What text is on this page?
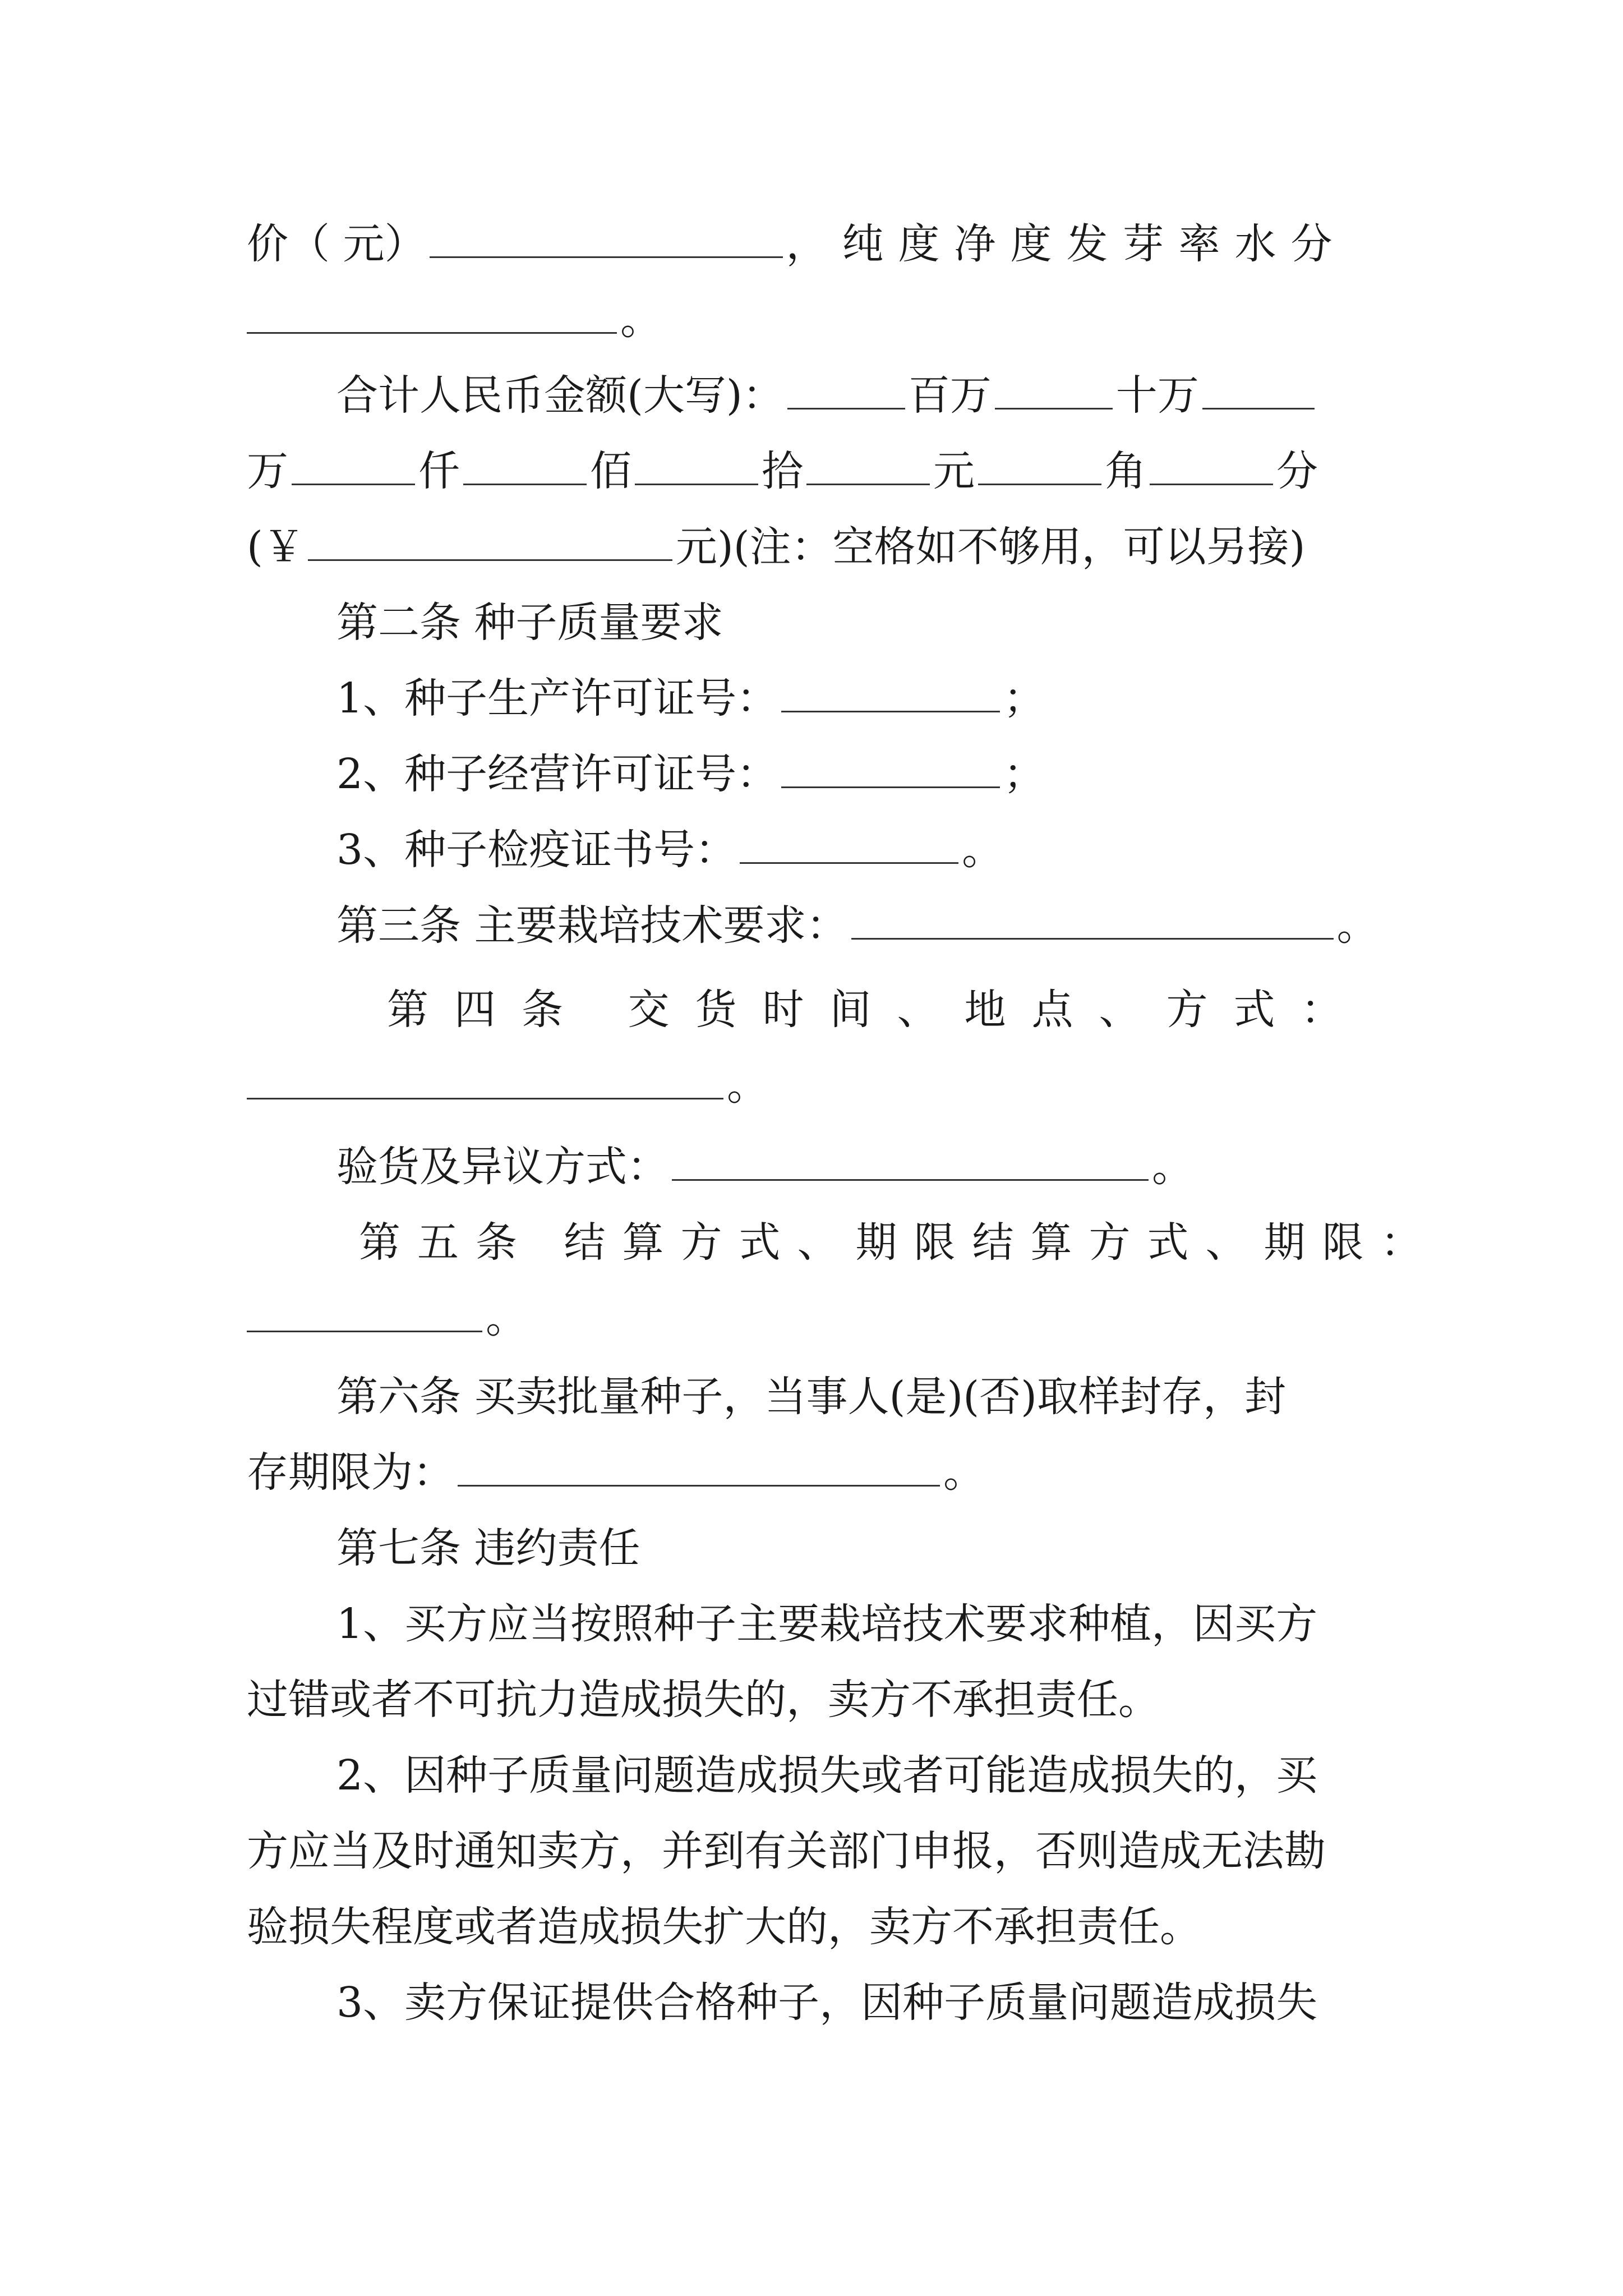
价（ 元）	，纯度净度发芽率水分
。
合计人民币金额(大写)：	百万	十万
万	仟	佰	拾	元	角	分
(￥	元)(注：空格如不够用，可以另接)
第二条 种子质量要求
1、种子生产许可证号：	；
2、种子经营许可证号：	；
3、种子检疫证书号：	。
第三条 主要栽培技术要求：	。
第四条 交货时间、地点、方式：
。
验货及异议方式：	。
第五条 结算方式、期限结算方式、期限：
。
第六条 买卖批量种子，当事人(是)(否)取样封存，封
存期限为：	。
第七条 违约责任
1、买方应当按照种子主要栽培技术要求种植，因买方
过错或者不可抗力造成损失的，卖方不承担责任。
2、因种子质量问题造成损失或者可能造成损失的，买
方应当及时通知卖方，并到有关部门申报，否则造成无法勘
验损失程度或者造成损失扩大的，卖方不承担责任。
3、卖方保证提供合格种子，因种子质量问题造成损失
